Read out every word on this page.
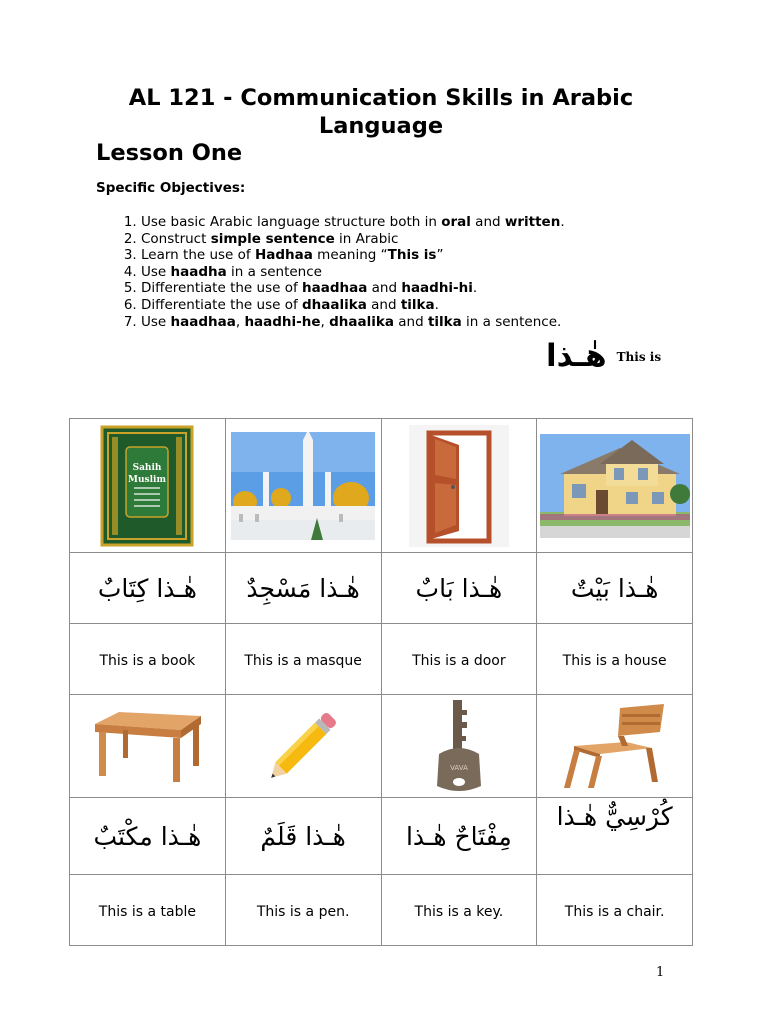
AL 121 - Communication Skills in Arabic Language
Lesson One
Specific Objectives:
1. Use basic Arabic language structure both in oral and written.
2. Construct simple sentence in Arabic
3. Learn the use of Hadhaa meaning “This is”
4. Use haadha in a sentence
5. Differentiate the use of haadhaa and haadhi-hi.
6. Differentiate the use of dhaalika and tilka.
7. Use haadhaa, haadhi-he, dhaalika and tilka in a sentence.
هٰـذا This is
Sahih
Muslim

هٰـذا كِتَابٌ	هٰـذا مَسْجِدٌ	هٰـذا بَابٌ	هٰـذا بَيْتٌ

This is a book	This is a masque	This is a door	This is a house

VAVA

هٰـذا مكْتَبٌ	هٰـذا قَلَمٌ	مِفْتَاحٌ هٰـذا	كُرْسِيٌّ هٰـذا

This is a table	This is a pen.	This is a key.	This is a chair.
1
